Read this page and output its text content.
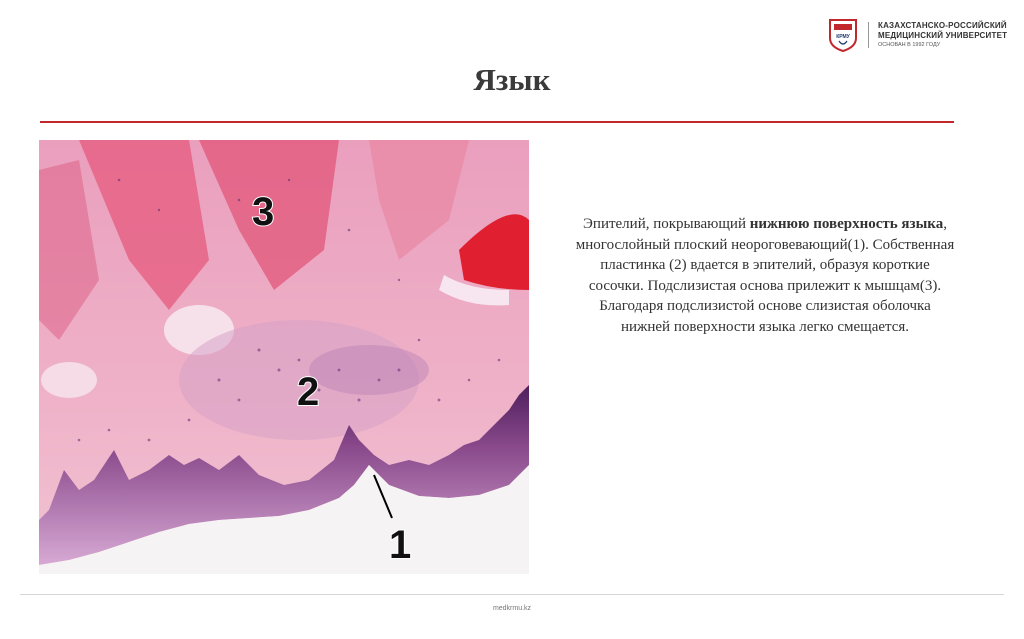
КРМУ
КАЗАХСТАНСКО-РОССИЙСКИЙ
МЕДИЦИНСКИЙ УНИВЕРСИТЕТ
ОСНОВАН В 1992 ГОДУ
Язык
3
2
1

Эпителий, покрывающий нижнюю поверхность языка, многослойный плоский неороговевающий(1). Собственная пластинка (2) вдается в эпителий, образуя короткие сосочки. Подслизистая основа прилежит к мышцам(3). Благодаря подслизистой основе слизистая оболочка нижней поверхности языка легко смещается.

medkrmu.kz
